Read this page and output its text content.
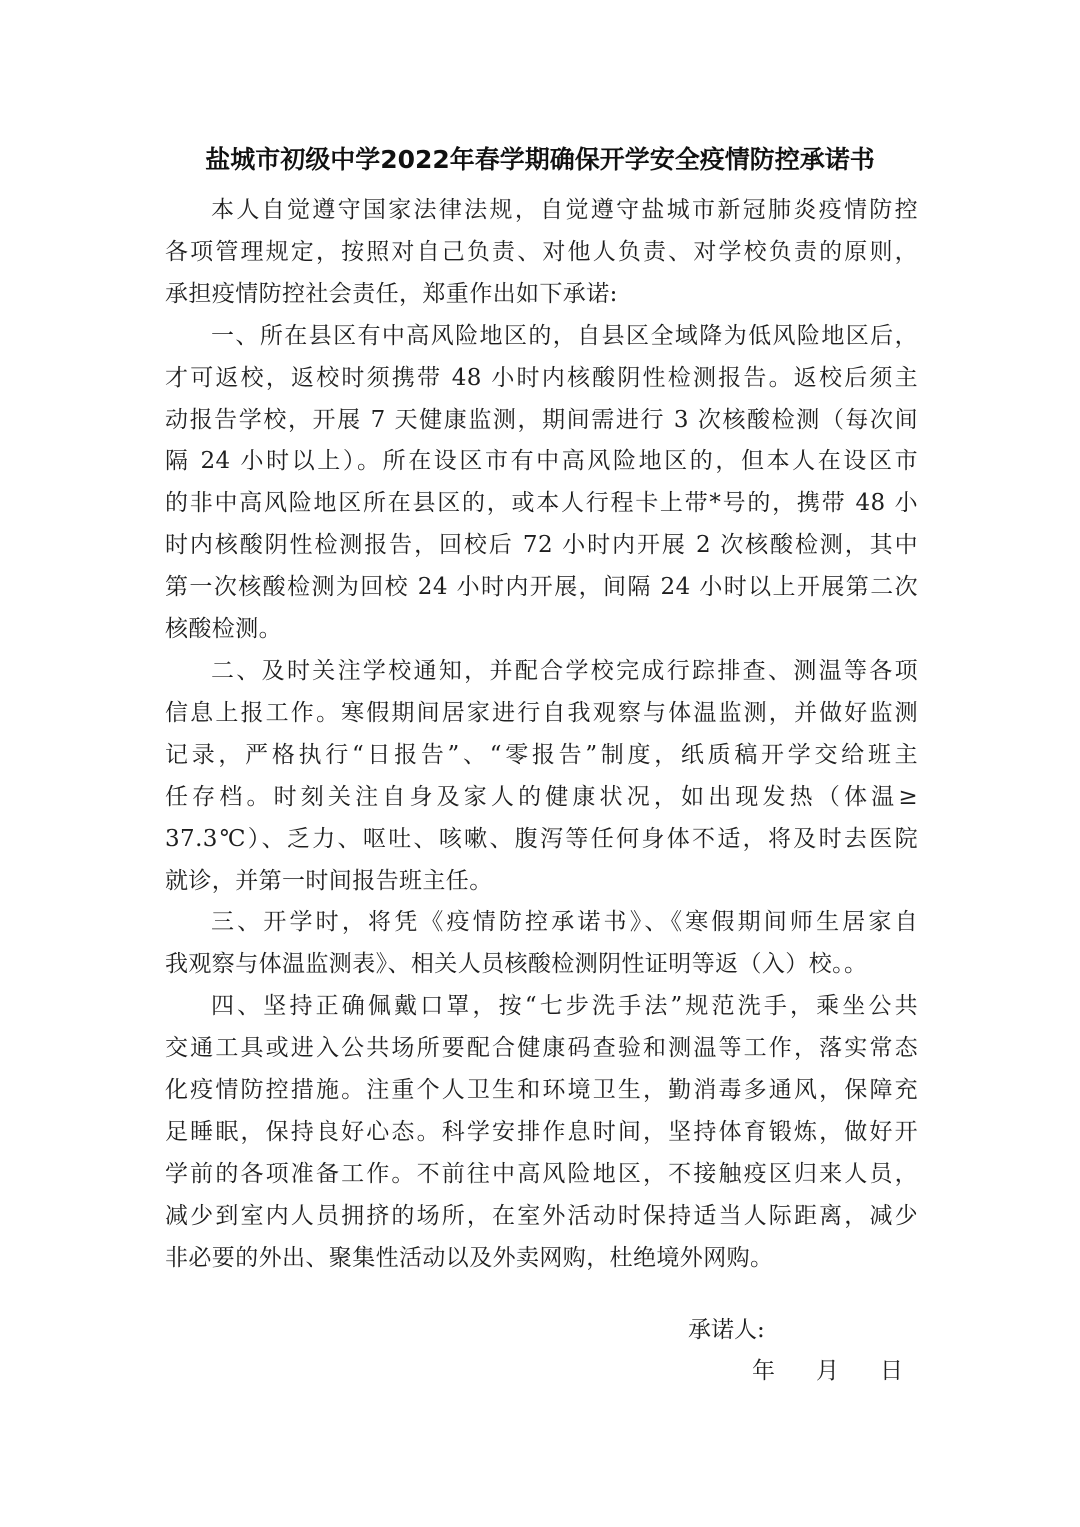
盐城市初级中学2022年春学期确保开学安全疫情防控承诺书

本人自觉遵守国家法律法规，自觉遵守盐城市新冠肺炎疫情防控
各项管理规定，按照对自己负责、对他人负责、对学校负责的原则，
承担疫情防控社会责任，郑重作出如下承诺:

一、所在县区有中高风险地区的，自县区全域降为低风险地区后，
才可返校，返校时须携带 48 小时内核酸阴性检测报告。返校后须主
动报告学校，开展 7 天健康监测，期间需进行 3 次核酸检测（每次间
隔 24 小时以上）。所在设区市有中高风险地区的，但本人在设区市
的非中高风险地区所在县区的，或本人行程卡上带*号的，携带 48 小
时内核酸阴性检测报告，回校后 72 小时内开展 2 次核酸检测，其中
第一次核酸检测为回校 24 小时内开展，间隔 24 小时以上开展第二次
核酸检测。

二、及时关注学校通知，并配合学校完成行踪排查、测温等各项
信息上报工作。寒假期间居家进行自我观察与体温监测，并做好监测
记录，严格执行“日报告”、“零报告”制度，纸质稿开学交给班主
任存档。时刻关注自身及家人的健康状况，如出现发热（体温≥
37.3℃）、乏力、呕吐、咳嗽、腹泻等任何身体不适，将及时去医院
就诊，并第一时间报告班主任。

三、开学时，将凭《疫情防控承诺书》、《寒假期间师生居家自
我观察与体温监测表》、相关人员核酸检测阴性证明等返（入）校。。

四、坚持正确佩戴口罩，按“七步洗手法”规范洗手，乘坐公共
交通工具或进入公共场所要配合健康码查验和测温等工作，落实常态
化疫情防控措施。注重个人卫生和环境卫生，勤消毒多通风，保障充
足睡眠，保持良好心态。科学安排作息时间，坚持体育锻炼，做好开
学前的各项准备工作。不前往中高风险地区，不接触疫区归来人员，
减少到室内人员拥挤的场所，在室外活动时保持适当人际距离，减少
非必要的外出、聚集性活动以及外卖网购，杜绝境外网购。

承诺人:
年 月 日
